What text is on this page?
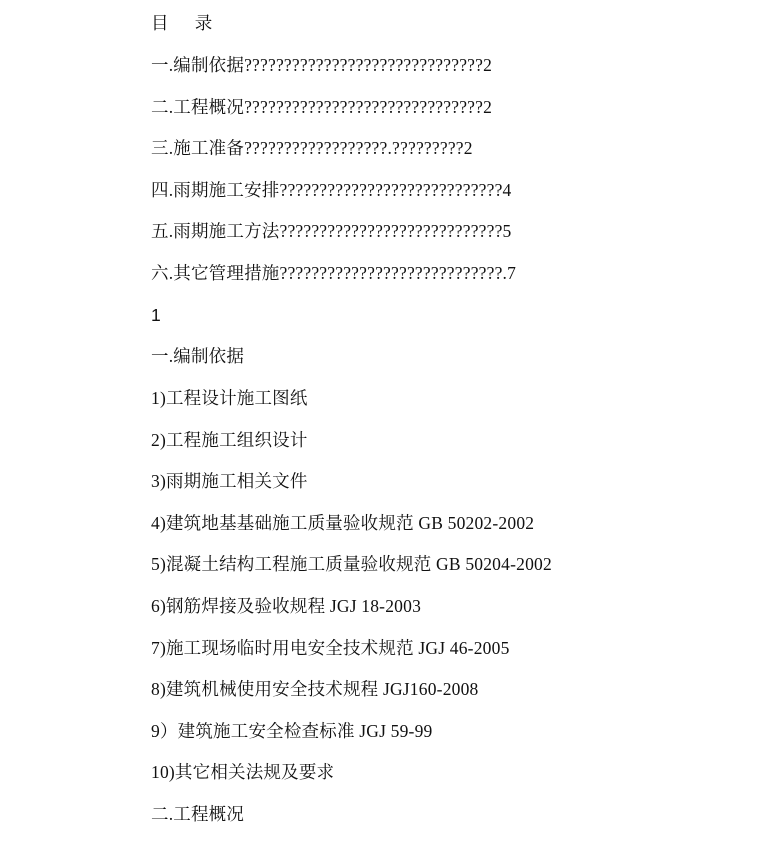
目 录
一.编制依据??????????????????????????????2
二.工程概况??????????????????????????????2
三.施工准备??????????????????.?????????2
四.雨期施工安排????????????????????????????4
五.雨期施工方法????????????????????????????5
六.其它管理措施????????????????????????????.7
1
一.编制依据
1)工程设计施工图纸
2)工程施工组织设计
3)雨期施工相关文件
4)建筑地基基础施工质量验收规范 GB 50202-2002
5)混凝土结构工程施工质量验收规范 GB 50204-2002
6)钢筋焊接及验收规程 JGJ 18-2003
7)施工现场临时用电安全技术规范 JGJ 46-2005
8)建筑机械使用安全技术规程 JGJ160-2008
9）建筑施工安全检查标准 JGJ 59-99
10)其它相关法规及要求
二.工程概况
